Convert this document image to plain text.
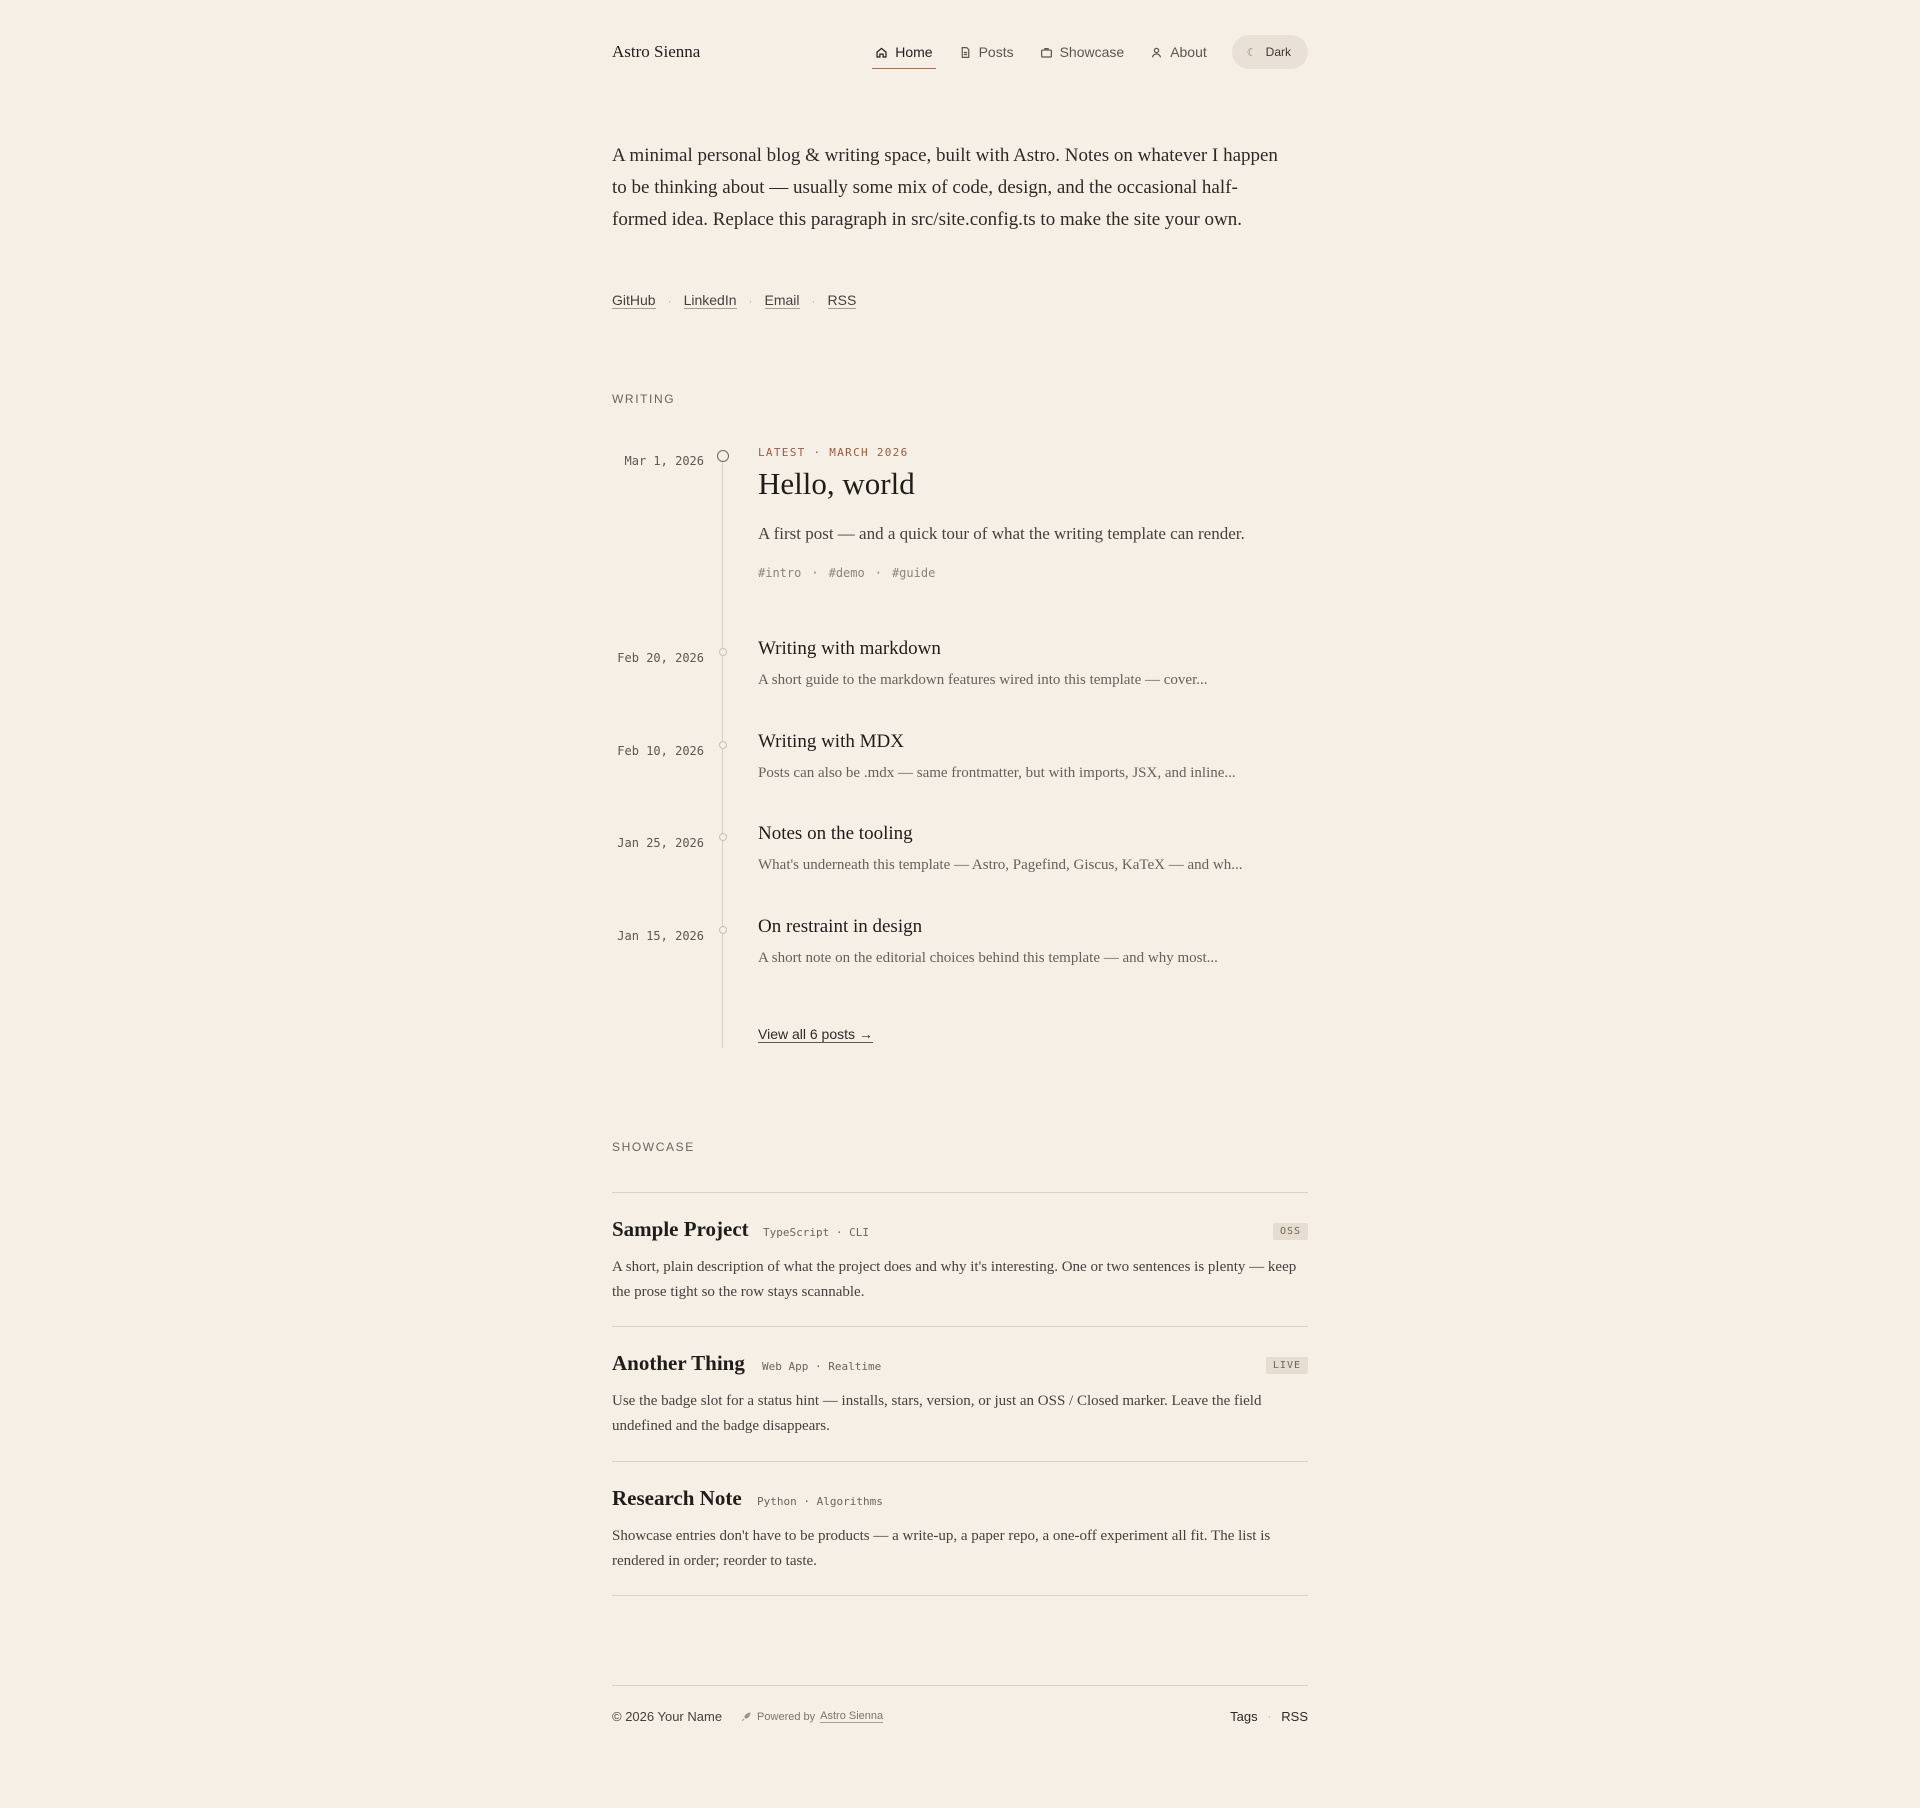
Astro Sienna	Home	Posts	Showcase	About	☾ Dark

A minimal personal blog & writing space, built with Astro. Notes on whatever I happen to be thinking about — usually some mix of code, design, and the occasional half-formed idea. Replace this paragraph in src/site.config.ts to make the site your own.

GitHub · LinkedIn · Email · RSS
WRITING
Mar 1, 2026
LATEST · MARCH 2026
Hello, world
A first post — and a quick tour of what the writing template can render.
#intro · #demo · #guide
Feb 20, 2026	Writing with markdown
A short guide to the markdown features wired into this template — cover...
Feb 10, 2026	Writing with MDX
Posts can also be .mdx — same frontmatter, but with imports, JSX, and inline...
Jan 25, 2026	Notes on the tooling
What's underneath this template — Astro, Pagefind, Giscus, KaTeX — and wh...
Jan 15, 2026	On restraint in design
A short note on the editorial choices behind this template — and why most...
View all 6 posts →
SHOWCASE
Sample Project TypeScript · CLI	OSS
A short, plain description of what the project does and why it's interesting. One or two sentences is plenty — keep the prose tight so the row stays scannable.
Another Thing Web App · Realtime	LIVE
Use the badge slot for a status hint — installs, stars, version, or just an OSS / Closed marker. Leave the field undefined and the badge disappears.
Research Note Python · Algorithms
Showcase entries don't have to be products — a write-up, a paper repo, a one-off experiment all fit. The list is rendered in order; reorder to taste.
© 2026 Your Name	Powered by Astro Sienna	Tags · RSS
